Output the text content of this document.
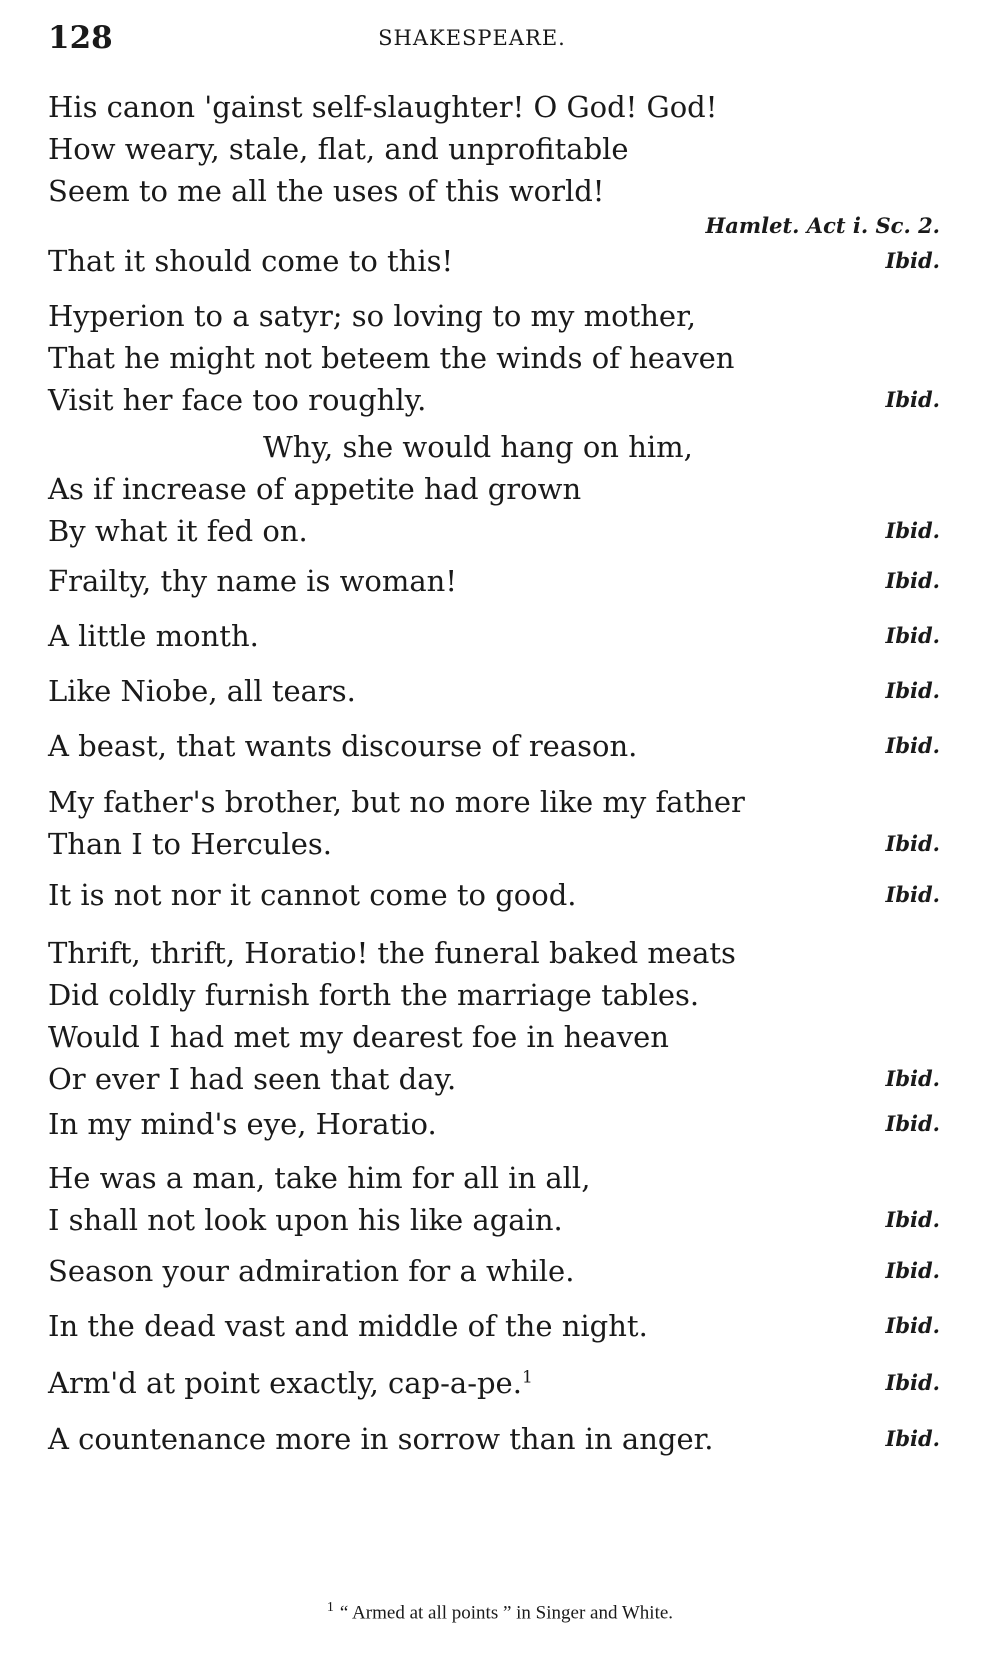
128	SHAKESPEARE.
His canon 'gainst self-slaughter! O God! God!
How weary, stale, flat, and unprofitable
Seem to me all the uses of this world!
Hamlet. Act i. Sc. 2.
That it should come to this!	Ibid.
Hyperion to a satyr; so loving to my mother,
That he might not beteem the winds of heaven
Visit her face too roughly.	Ibid.
Why, she would hang on him,
As if increase of appetite had grown
By what it fed on.	Ibid.
Frailty, thy name is woman!	Ibid.
A little month.	Ibid.
Like Niobe, all tears.	Ibid.
A beast, that wants discourse of reason.	Ibid.
My father's brother, but no more like my father
Than I to Hercules.	Ibid.
It is not nor it cannot come to good.	Ibid.
Thrift, thrift, Horatio! the funeral baked meats
Did coldly furnish forth the marriage tables.
Would I had met my dearest foe in heaven
Or ever I had seen that day.	Ibid.
In my mind's eye, Horatio.	Ibid.
He was a man, take him for all in all,
I shall not look upon his like again.	Ibid.
Season your admiration for a while.	Ibid.
In the dead vast and middle of the night.	Ibid.
Arm'd at point exactly, cap-a-pe.$^1$	Ibid.
A countenance more in sorrow than in anger.	Ibid.
$^1$ “ Armed at all points ” in Singer and White.
